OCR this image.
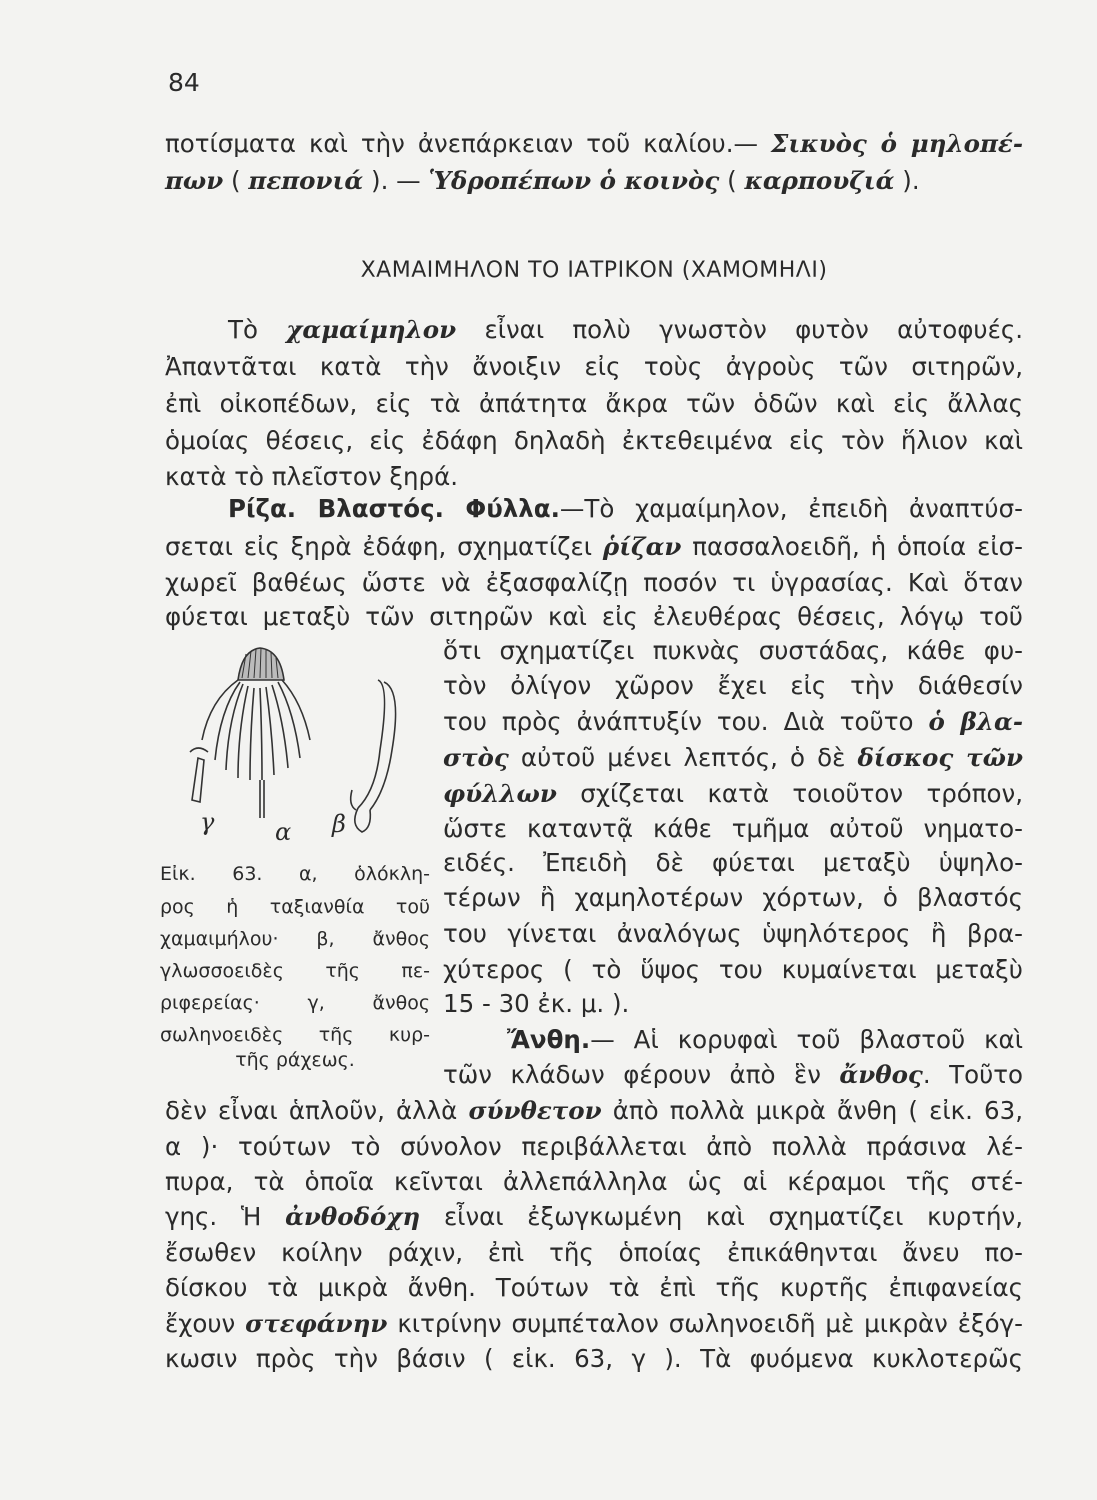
84
ποτίσματα καὶ τὴν ἀνεπάρκειαν τοῦ καλίου.— Σικυὸς ὁ μηλοπέ-
πων ( πεπονιά ). — Ὑδροπέπων ὁ κοινὸς ( καρπουζιά ).
ΧΑΜΑΙΜΗΛΟΝ ΤΟ ΙΑΤΡΙΚΟΝ (ΧΑΜΟΜΗΛΙ)
Τὸ χαμαίμηλον εἶναι πολὺ γνωστὸν φυτὸν αὐτοφυές.
Ἀπαντᾶται κατὰ τὴν ἄνοιξιν εἰς τοὺς ἀγροὺς τῶν σιτηρῶν,
ἐπὶ οἰκοπέδων, εἰς τὰ ἀπάτητα ἄκρα τῶν ὁδῶν καὶ εἰς ἄλλας
ὁμοίας θέσεις, εἰς ἐδάφη δηλαδὴ ἐκτεθειμένα εἰς τὸν ἥλιον καὶ
κατὰ τὸ πλεῖστον ξηρά.
Ρίζα. Βλαστός. Φύλλα.—Τὸ χαμαίμηλον, ἐπειδὴ ἀναπτύσ-
σεται εἰς ξηρὰ ἐδάφη, σχηματίζει ῥίζαν πασσαλοειδῆ, ἡ ὁποία εἰσ-
χωρεῖ βαθέως ὥστε νὰ ἐξασφαλίζῃ ποσόν τι ὑγρασίας. Καὶ ὅταν
φύεται μεταξὺ τῶν σιτηρῶν καὶ εἰς ἐλευθέρας θέσεις, λόγῳ τοῦ
ὅτι σχηματίζει πυκνὰς συστάδας, κάθε φυ-
τὸν ὀλίγον χῶρον ἔχει εἰς τὴν διάθεσίν
του πρὸς ἀνάπτυξίν του. Διὰ τοῦτο ὁ βλα-
στὸς αὐτοῦ μένει λεπτός, ὁ δὲ δίσκος τῶν
φύλλων σχίζεται κατὰ τοιοῦτον τρόπον,
ὥστε καταντᾷ κάθε τμῆμα αὐτοῦ νηματο-
ειδές. Ἐπειδὴ δὲ φύεται μεταξὺ ὑψηλο-
τέρων ἢ χαμηλοτέρων χόρτων, ὁ βλαστός
του γίνεται ἀναλόγως ὑψηλότερος ἢ βρα-
χύτερος ( τὸ ὕψος του κυμαίνεται μεταξὺ
15 - 30 ἐκ. μ. ).
Ἄνθη.— Αἱ κορυφαὶ τοῦ βλαστοῦ καὶ
τῶν κλάδων φέρουν ἀπὸ ἓν ἄνθος. Τοῦτο
δὲν εἶναι ἁπλοῦν, ἀλλὰ σύνθετον ἀπὸ πολλὰ μικρὰ ἄνθη ( εἰκ. 63,
α )· τούτων τὸ σύνολον περιβάλλεται ἀπὸ πολλὰ πράσινα λέ-
πυρα, τὰ ὁποῖα κεῖνται ἀλλεπάλληλα ὡς αἱ κέραμοι τῆς στέ-
γης. Ἡ ἀνθοδόχη εἶναι ἐξωγκωμένη καὶ σχηματίζει κυρτήν,
ἔσωθεν κοίλην ράχιν, ἐπὶ τῆς ὁποίας ἐπικάθηνται ἄνευ πο-
δίσκου τὰ μικρὰ ἄνθη. Τούτων τὰ ἐπὶ τῆς κυρτῆς ἐπιφανείας
ἔχουν στεφάνην κιτρίνην συμπέταλον σωληνοειδῆ μὲ μικρὰν ἐξόγ-
κωσιν πρὸς τὴν βάσιν ( εἰκ. 63, γ ). Τὰ φυόμενα κυκλοτερῶς
α β
γ
Εἰκ. 63. α, ὁλόκλη-
ρος ἡ ταξιανθία τοῦ
χαμαιμήλου· β, ἄνθος
γλωσσοειδὲς τῆς πε-
ριφερείας· γ, ἄνθος
σωληνοειδὲς τῆς κυρ-
τῆς ράχεως.
